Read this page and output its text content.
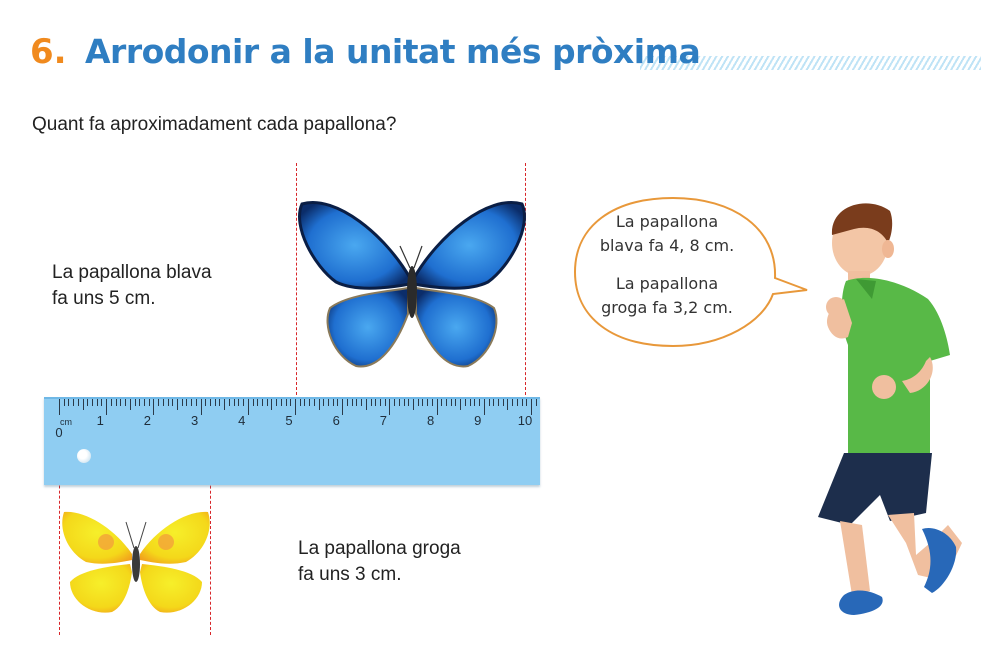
6. Arrodonir a la unitat més pròxima
Quant fa aproximadament cada papallona?
La papallona blava
fa uns 5 cm.
cm
0
1	2	3	4	5	6	7	8	9	10
La papallona groga
fa uns 3 cm.
La papallona
blava fa 4, 8 cm.
La papallona
groga fa 3,2 cm.
